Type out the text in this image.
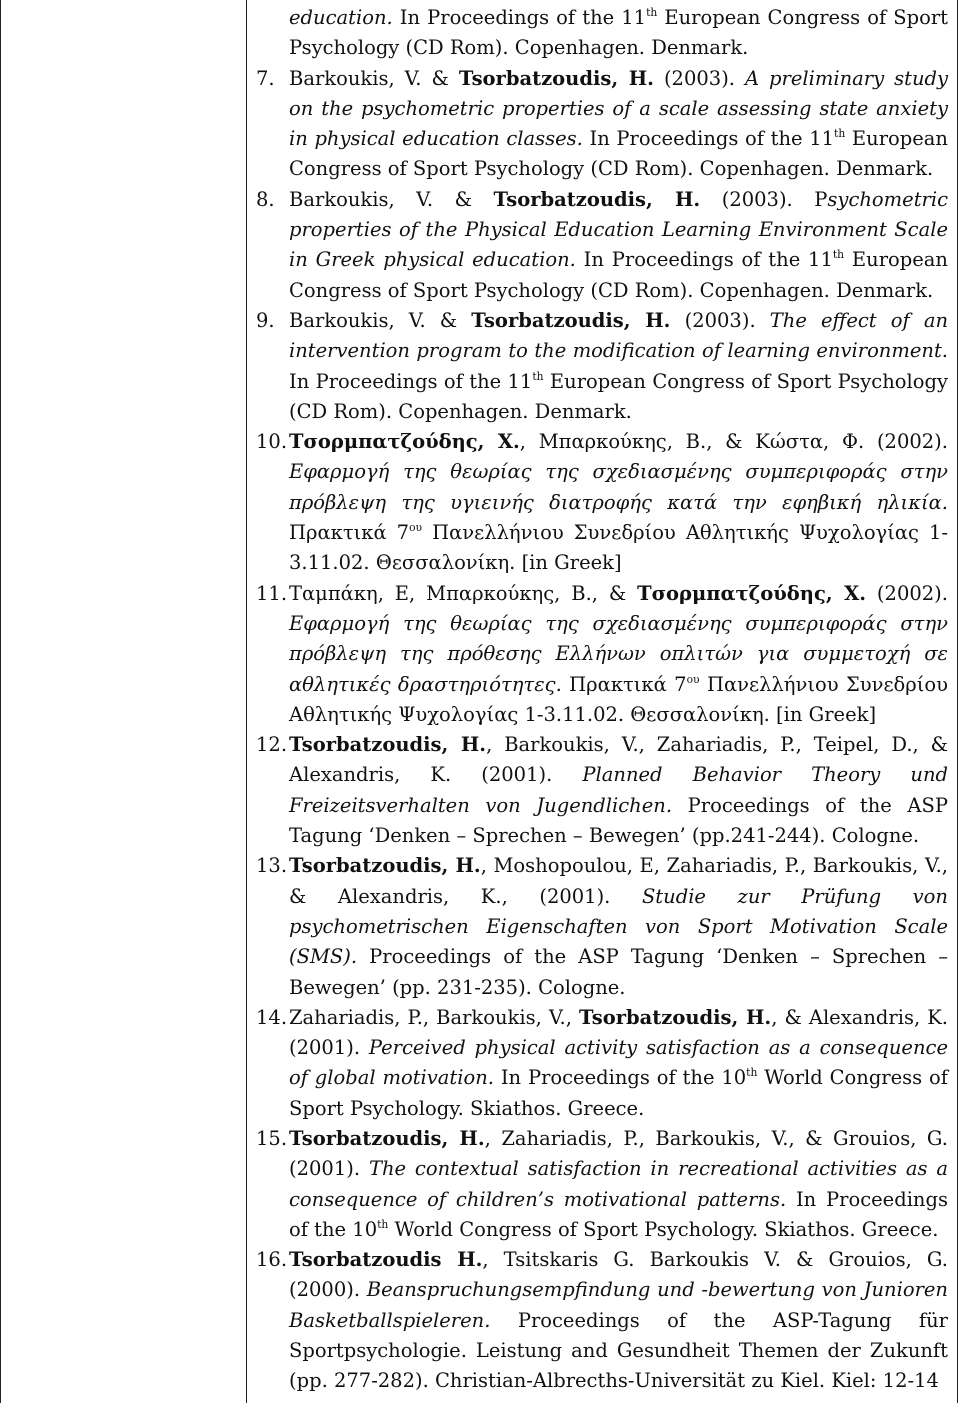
education. In Proceedings of the 11th European Congress of Sport Psychology (CD Rom). Copenhagen. Denmark.
7. Barkoukis, V. & Tsorbatzoudis, H. (2003). A preliminary study on the psychometric properties of a scale assessing state anxiety in physical education classes. In Proceedings of the 11th European Congress of Sport Psychology (CD Rom). Copenhagen. Denmark.
8. Barkoukis, V. & Tsorbatzoudis, H. (2003). Psychometric properties of the Physical Education Learning Environment Scale in Greek physical education. In Proceedings of the 11th European Congress of Sport Psychology (CD Rom). Copenhagen. Denmark.
9. Barkoukis, V. & Tsorbatzoudis, H. (2003). The effect of an intervention program to the modification of learning environment. In Proceedings of the 11th European Congress of Sport Psychology (CD Rom). Copenhagen. Denmark.
10. Τσορμπατζούδης, Χ., Μπαρκούκης, Β., & Κώστα, Φ. (2002). Εφαρμογή της θεωρίας της σχεδιασμένης συμπεριφοράς στην πρόβλεψη της υγιεινής διατροφής κατά την εφηβική ηλικία. Πρακτικά $7^{o\upsilon}$ Πανελλήνιου Συνεδρίου Αθλητικής Ψυχολογίας 1-3.11.02. Θεσσαλονίκη. [in Greek]
11. Ταμπάκη, Ε, Μπαρκούκης, Β., & Τσορμπατζούδης, Χ. (2002). Εφαρμογή της θεωρίας της σχεδιασμένης συμπεριφοράς στην πρόβλεψη της πρόθεσης Ελλήνων οπλιτών για συμμετοχή σε αθλητικές δραστηριότητες. Πρακτικά $7^{o\upsilon}$ Πανελλήνιου Συνεδρίου Αθλητικής Ψυχολογίας 1-3.11.02. Θεσσαλονίκη. [in Greek]
12. Tsorbatzoudis, H., Barkoukis, V., Zahariadis, P., Teipel, D., & Alexandris, K. (2001). Planned Behavior Theory und Freizeitsverhalten von Jugendlichen. Proceedings of the ASP Tagung ‘Denken – Sprechen – Bewegen’ (pp.241-244). Cologne.
13. Tsorbatzoudis, H., Moshopoulou, E, Zahariadis, P., Barkoukis, V., & Alexandris, K., (2001). Studie zur Prüfung von psychometrischen Eigenschaften von Sport Motivation Scale (SMS). Proceedings of the ASP Tagung ‘Denken – Sprechen – Bewegen’ (pp. 231-235). Cologne.
14. Zahariadis, P., Barkoukis, V., Tsorbatzoudis, H., & Alexandris, K. (2001). Perceived physical activity satisfaction as a consequence of global motivation. In Proceedings of the 10th World Congress of Sport Psychology. Skiathos. Greece.
15. Tsorbatzoudis, H., Zahariadis, P., Barkoukis, V., & Grouios, G. (2001). The contextual satisfaction in recreational activities as a consequence of children’s motivational patterns. In Proceedings of the 10th World Congress of Sport Psychology. Skiathos. Greece.
16. Tsorbatzoudis H., Tsitskaris G. Barkoukis V. & Grouios, G. (2000). Beanspruchungsempfindung und -bewertung von Junioren Basketballspieleren. Proceedings of the ASP-Tagung für Sportpsychologie. Leistung and Gesundheit Themen der Zukunft (pp. 277-282). Christian-Albrecths-Universität zu Kiel. Kiel: 12-14
